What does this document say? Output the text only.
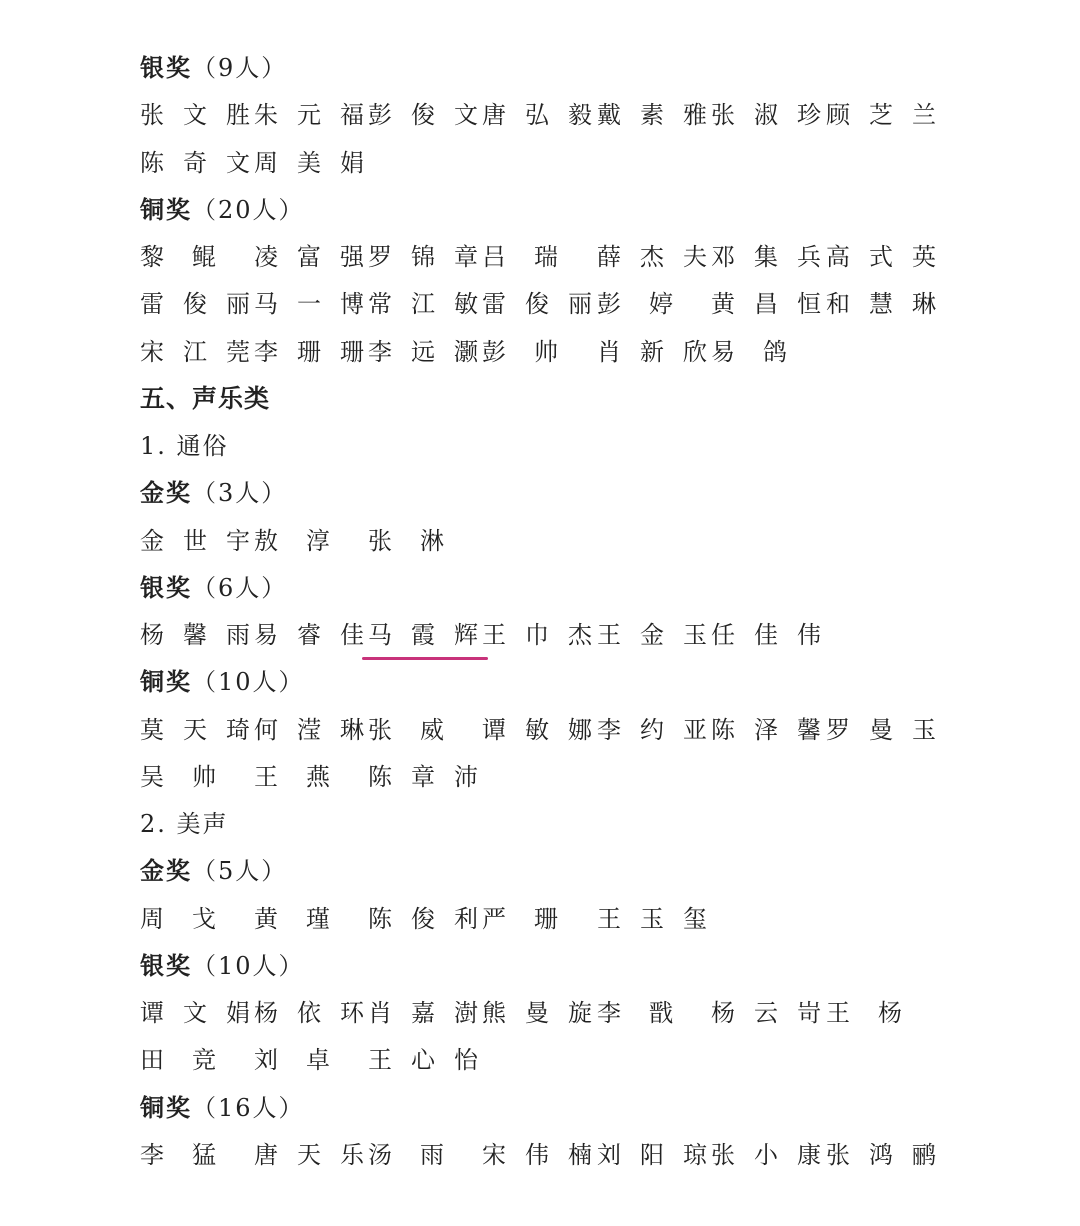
银奖（9人）
张 文 胜 朱 元 福 彭 俊 文 唐 弘 毅 戴 素 雅 张 淑 珍 顾 芝 兰
陈 奇 文 周 美 娟
铜奖（20人）
黎 鲲 凌 富 强 罗 锦 章 吕 瑞 薛 杰 夫 邓 集 兵 高 式 英
雷 俊 丽 马 一 博 常 江 敏 雷 俊 丽 彭 婷 黄 昌 恒 和 慧 琳
宋 江 莞 李 珊 珊 李 远 灏 彭 帅 肖 新 欣 易 鸽
五、声乐类
1. 通俗
金奖（3人）
金 世 宇 敖 淳 张 淋
银奖（6人）
杨 馨 雨 易 睿 佳 马 霞 辉 王 巾 杰 王 金 玉 任 佳 伟
铜奖（10人）
莫 天 琦 何 滢 琳 张 威 谭 敏 娜 李 约 亚 陈 泽 馨 罗 曼 玉
吴 帅 王 燕 陈 章 沛
2. 美声
金奖（5人）
周 戈 黄 瑾 陈 俊 利 严 珊 王 玉 玺
银奖（10人）
谭 文 娟 杨 依 环 肖 嘉 澍 熊 曼 旋 李 戬 杨 云 岢 王 杨
田 竞 刘 卓 王 心 怡
铜奖（16人）
李 猛 唐 天 乐 汤 雨 宋 伟 楠 刘 阳 琼 张 小 康 张 鸿 鹂
